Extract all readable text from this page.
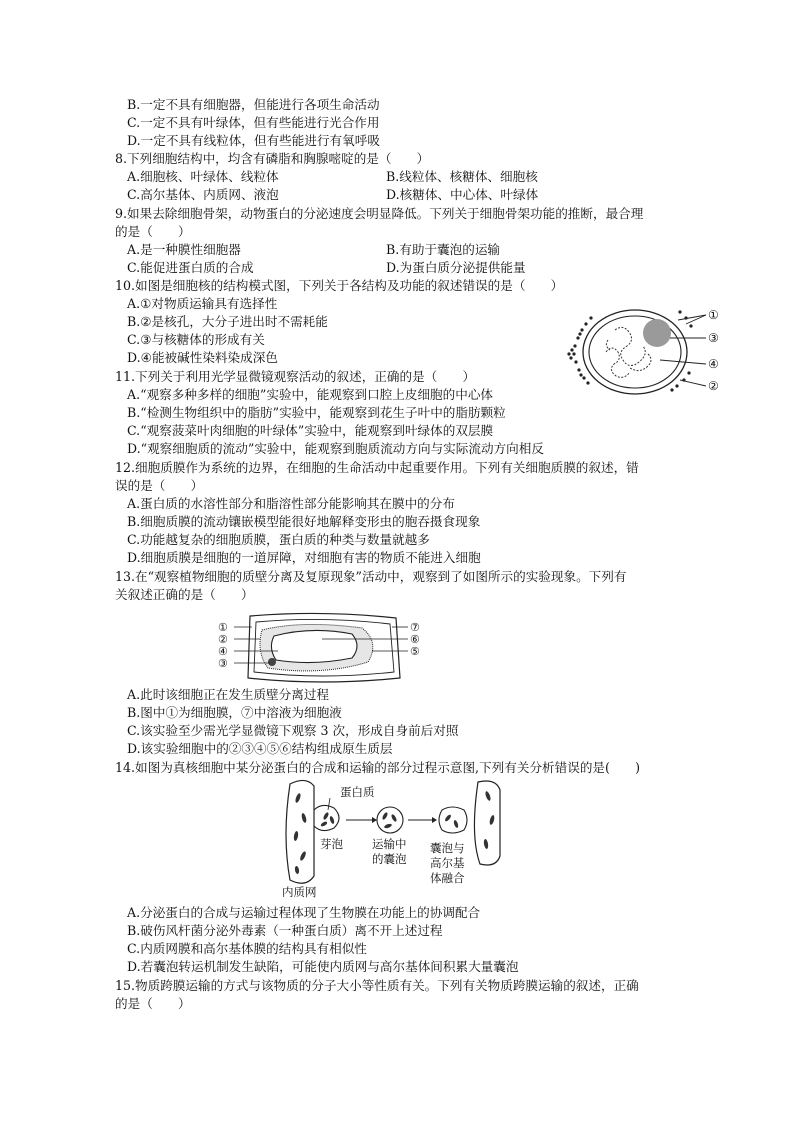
B.一定不具有细胞器，但能进行各项生命活动
C.一定不具有叶绿体，但有些能进行光合作用
D.一定不具有线粒体，但有些能进行有氧呼吸
8.下列细胞结构中，均含有磷脂和胸腺嘧啶的是（　　）
A.细胞核、叶绿体、线粒体	B.线粒体、核糖体、细胞核
C.高尔基体、内质网、液泡	D.核糖体、中心体、叶绿体
9.如果去除细胞骨架，动物蛋白的分泌速度会明显降低。下列关于细胞骨架功能的推断，最合理
的是（　　）
A.是一种膜性细胞器	B.有助于囊泡的运输
C.能促进蛋白质的合成	D.为蛋白质分泌提供能量
10.如图是细胞核的结构模式图，下列关于各结构及功能的叙述错误的是（　　）
A.①对物质运输具有选择性
B.②是核孔，大分子进出时不需耗能
C.③与核糖体的形成有关
D.④能被碱性染料染成深色
①
③
④
②
11.下列关于利用光学显微镜观察活动的叙述，正确的是（　　）
A.“观察多种多样的细胞”实验中，能观察到口腔上皮细胞的中心体
B.“检测生物组织中的脂肪”实验中，能观察到花生子叶中的脂肪颗粒
C.“观察菠菜叶肉细胞的叶绿体”实验中，能观察到叶绿体的双层膜
D.“观察细胞质的流动”实验中，能观察到胞质流动方向与实际流动方向相反
12.细胞质膜作为系统的边界，在细胞的生命活动中起重要作用。下列有关细胞质膜的叙述，错
误的是（　　）
A.蛋白质的水溶性部分和脂溶性部分能影响其在膜中的分布
B.细胞质膜的流动镶嵌模型能很好地解释变形虫的胞吞摄食现象
C.功能越复杂的细胞质膜，蛋白质的种类与数量就越多
D.细胞质膜是细胞的一道屏障，对细胞有害的物质不能进入细胞
13.在“观察植物细胞的质壁分离及复原现象”活动中，观察到了如图所示的实验现象。下列有
关叙述正确的是（　　）
①
②
④
③
⑦
⑥
⑤
A.此时该细胞正在发生质壁分离过程
B.图中①为细胞膜，⑦中溶液为细胞液
C.该实验至少需光学显微镜下观察 3 次，形成自身前后对照
D.该实验细胞中的②③④⑤⑥结构组成原生质层
14.如图为真核细胞中某分泌蛋白的合成和运输的部分过程示意图,下列有关分析错误的是(　　)
蛋白质
芽泡	运输中
的囊泡
囊泡与
高尔基
体融合
内质网
A.分泌蛋白的合成与运输过程体现了生物膜在功能上的协调配合
B.破伤风杆菌分泌外毒素（一种蛋白质）离不开上述过程
C.内质网膜和高尔基体膜的结构具有相似性
D.若囊泡转运机制发生缺陷，可能使内质网与高尔基体间积累大量囊泡
15.物质跨膜运输的方式与该物质的分子大小等性质有关。下列有关物质跨膜运输的叙述，正确
的是（　　）
